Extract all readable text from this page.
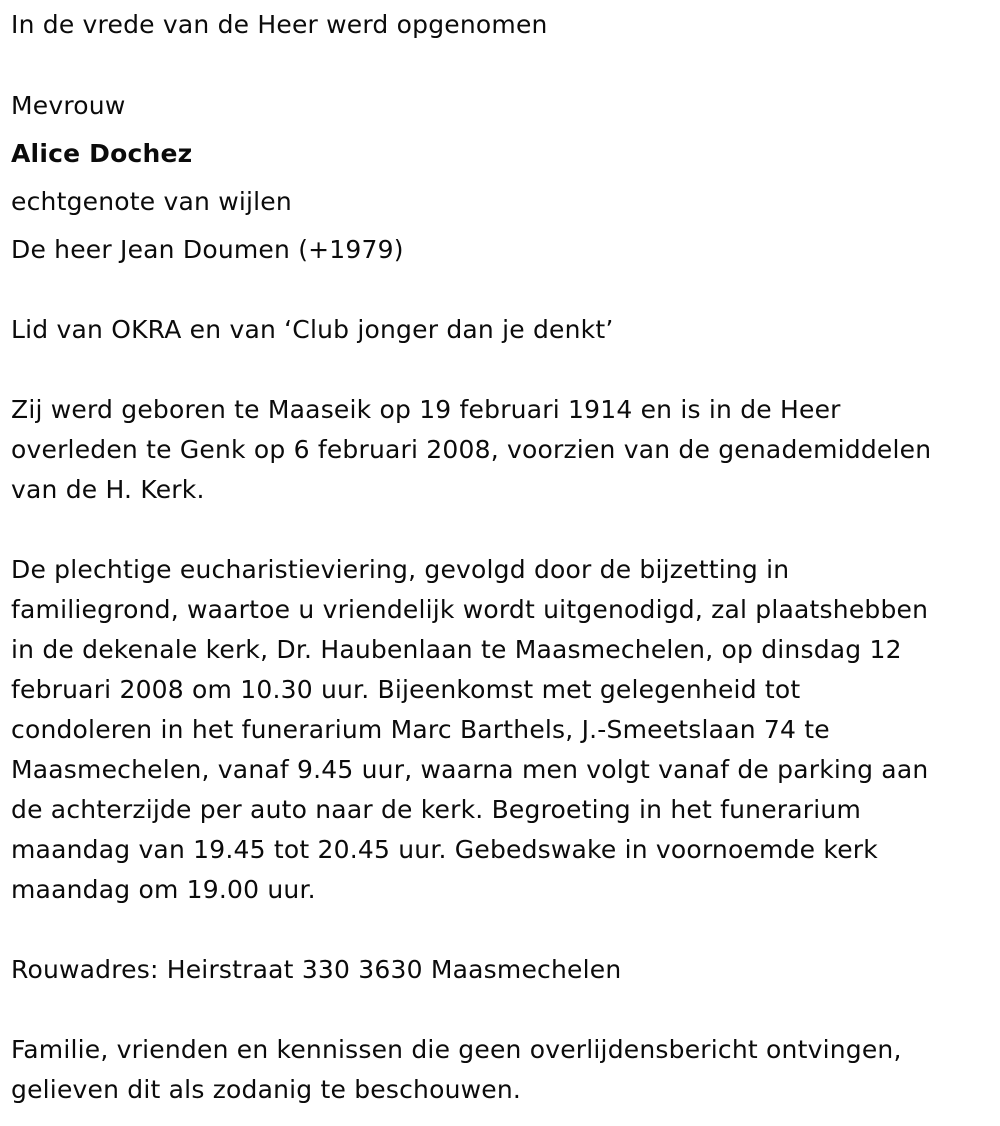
In de vrede van de Heer werd opgenomen
Mevrouw
Alice Dochez
echtgenote van wijlen
De heer Jean Doumen (+1979)
Lid van OKRA en van ‘Club jonger dan je denkt’
Zij werd geboren te Maaseik op 19 februari 1914 en is in de Heer
overleden te Genk op 6 februari 2008, voorzien van de genademiddelen
van de H. Kerk.
De plechtige eucharistieviering, gevolgd door de bijzetting in
familiegrond, waartoe u vriendelijk wordt uitgenodigd, zal plaatshebben
in de dekenale kerk, Dr. Haubenlaan te Maasmechelen, op dinsdag 12
februari 2008 om 10.30 uur. Bijeenkomst met gelegenheid tot
condoleren in het funerarium Marc Barthels, J.-Smeetslaan 74 te
Maasmechelen, vanaf 9.45 uur, waarna men volgt vanaf de parking aan
de achterzijde per auto naar de kerk. Begroeting in het funerarium
maandag van 19.45 tot 20.45 uur. Gebedswake in voornoemde kerk
maandag om 19.00 uur.
Rouwadres: Heirstraat 330 3630 Maasmechelen
Familie, vrienden en kennissen die geen overlijdensbericht ontvingen,
gelieven dit als zodanig te beschouwen.
